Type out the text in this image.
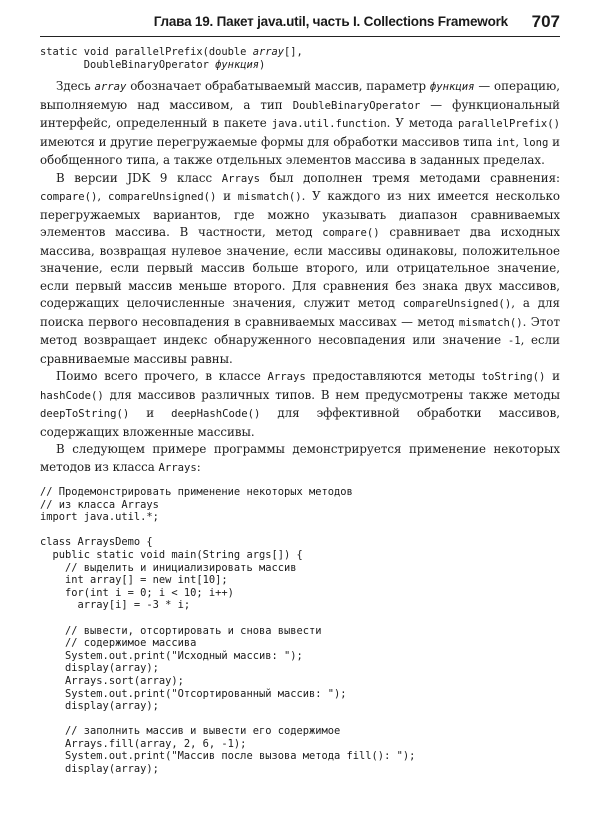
Глава 19. Пакет java.util, часть I. Collections Framework 707
static void parallelPrefix(double array[],
DoubleBinaryOperator функция)

Здесь array обозначает обрабатываемый массив, параметр функция — операцию, выполняемую над массивом, а тип DoubleBinaryOperator — функциональный интерфейс, определенный в пакете java.util.function. У метода parallelPrefix() имеются и другие перегружаемые формы для обработки массивов типа int, long и обобщенного типа, а также отдельных элементов массива в заданных пределах.

В версии JDK 9 класс Arrays был дополнен тремя методами сравнения: compare(), compareUnsigned() и mismatch(). У каждого из них имеется несколько перегружаемых вариантов, где можно указывать диапазон сравниваемых элементов массива. В частности, метод compare() сравнивает два исходных массива, возвращая нулевое значение, если массивы одинаковы, положительное значение, если первый массив больше второго, или отрицательное значение, если первый массив меньше второго. Для сравнения без знака двух массивов, содержащих целочисленные значения, служит метод compareUnsigned(), а для поиска первого несовпадения в сравниваемых массивах — метод mismatch(). Этот метод возвращает индекс обнаруженного несовпадения или значение -1, если сравниваемые массивы равны.

Поимо всего прочего, в классе Arrays предоставляются методы toString() и hashCode() для массивов различных типов. В нем предусмотрены также методы deepToString() и deepHashCode() для эффективной обработки массивов, содержащих вложенные массивы.

В следующем примере программы демонстрируется применение некоторых методов из класса Arrays:

// Продемонстрировать применение некоторых методов
// из класса Arrays
import java.util.*;

class ArraysDemo {
public static void main(String args[]) {
// выделить и инициализировать массив
int array[] = new int[10];
for(int i = 0; i < 10; i++)
array[i] = -3 * i;

// вывести, отсортировать и снова вывести
// содержимое массива
System.out.print("Исходный массив: ");
display(array);
Arrays.sort(array);
System.out.print("Отсортированный массив: ");
display(array);

// заполнить массив и вывести его содержимое
Arrays.fill(array, 2, 6, -1);
System.out.print("Массив после вызова метода fill(): ");
display(array);
